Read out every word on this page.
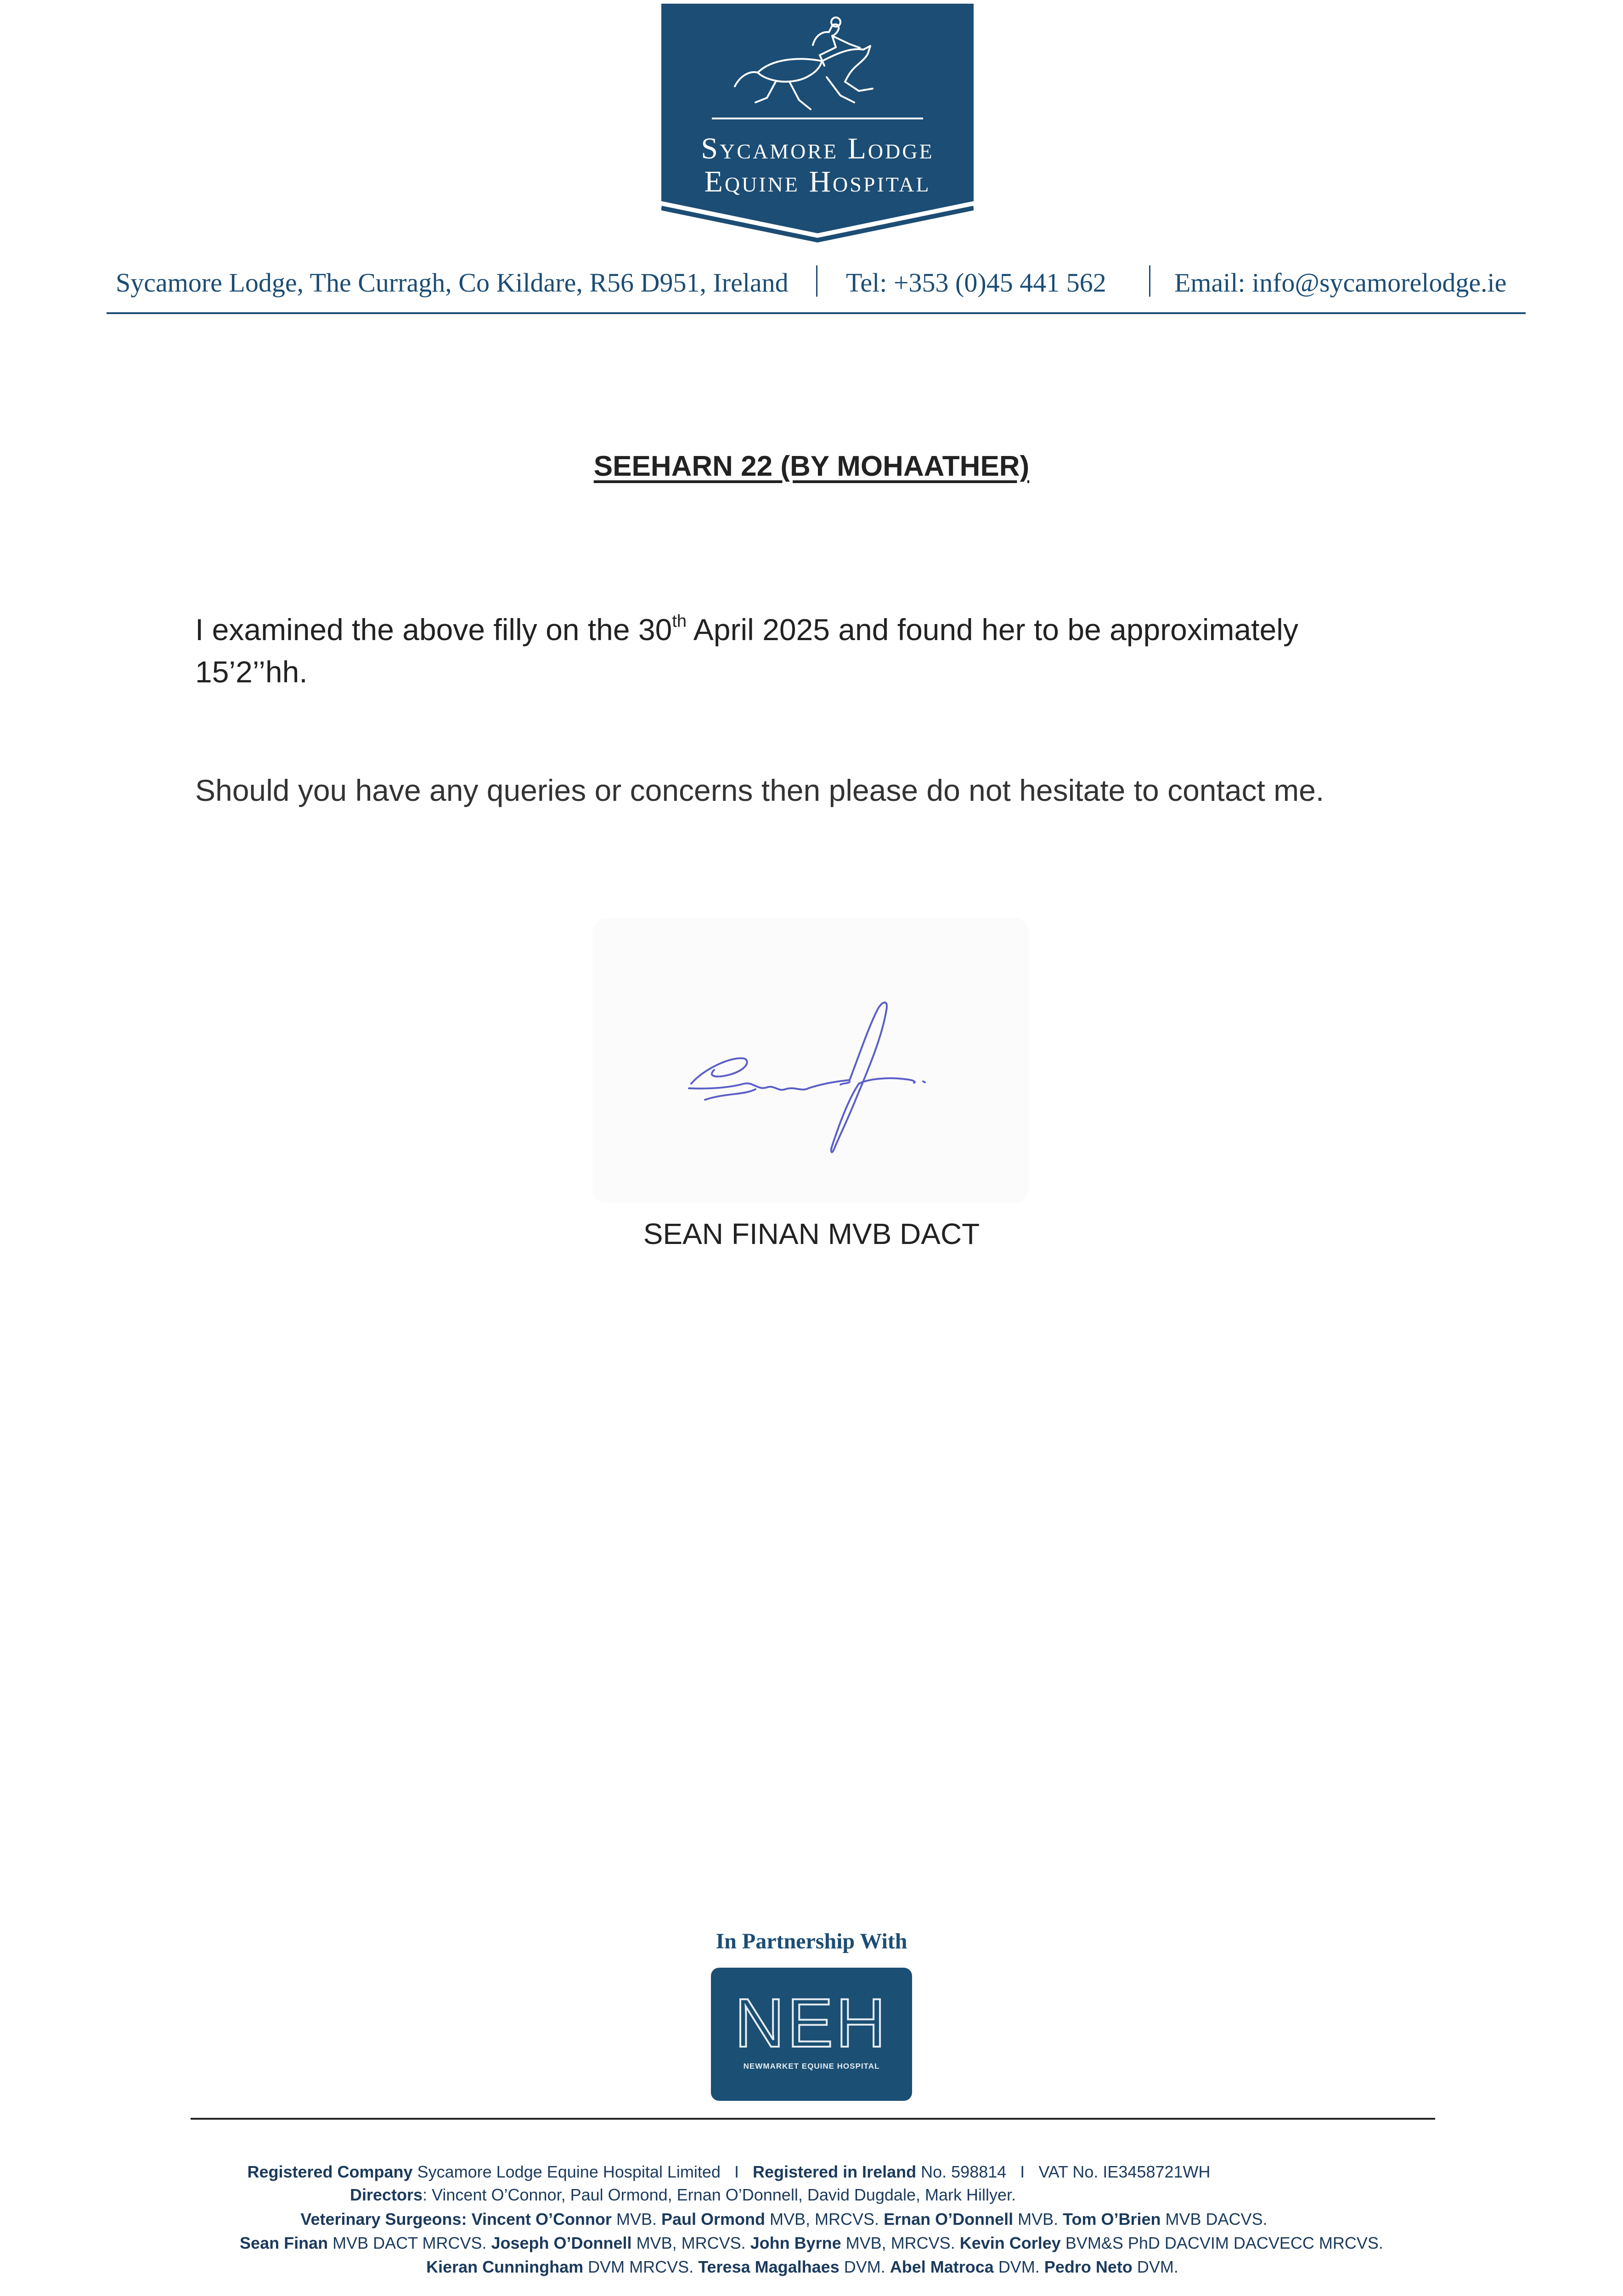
Sycamore Lodge
Equine Hospital
Sycamore Lodge, The Curragh, Co Kildare, R56 D951, Ireland Tel: +353 (0)45 441 562	Email: info@sycamorelodge.ie
SEEHARN 22 (BY MOHAATHER)
I examined the above filly on the 30th April 2025 and found her to be approximately
15’2’’hh.
Should you have any queries or concerns then please do not hesitate to contact me.
SEAN FINAN MVB DACT
In Partnership With
NEH
NEWMARKET EQUINE HOSPITAL
Registered Company Sycamore Lodge Equine Hospital Limited I Registered in Ireland No. 598814 I VAT No. IE3458721WH
Directors: Vincent O’Connor, Paul Ormond, Ernan O’Donnell, David Dugdale, Mark Hillyer.
Veterinary Surgeons: Vincent O’Connor MVB. Paul Ormond MVB, MRCVS. Ernan O’Donnell MVB. Tom O’Brien MVB DACVS.
Sean Finan MVB DACT MRCVS. Joseph O’Donnell MVB, MRCVS. John Byrne MVB, MRCVS. Kevin Corley BVM&S PhD DACVIM DACVECC MRCVS.
Kieran Cunningham DVM MRCVS. Teresa Magalhaes DVM. Abel Matroca DVM. Pedro Neto DVM.
